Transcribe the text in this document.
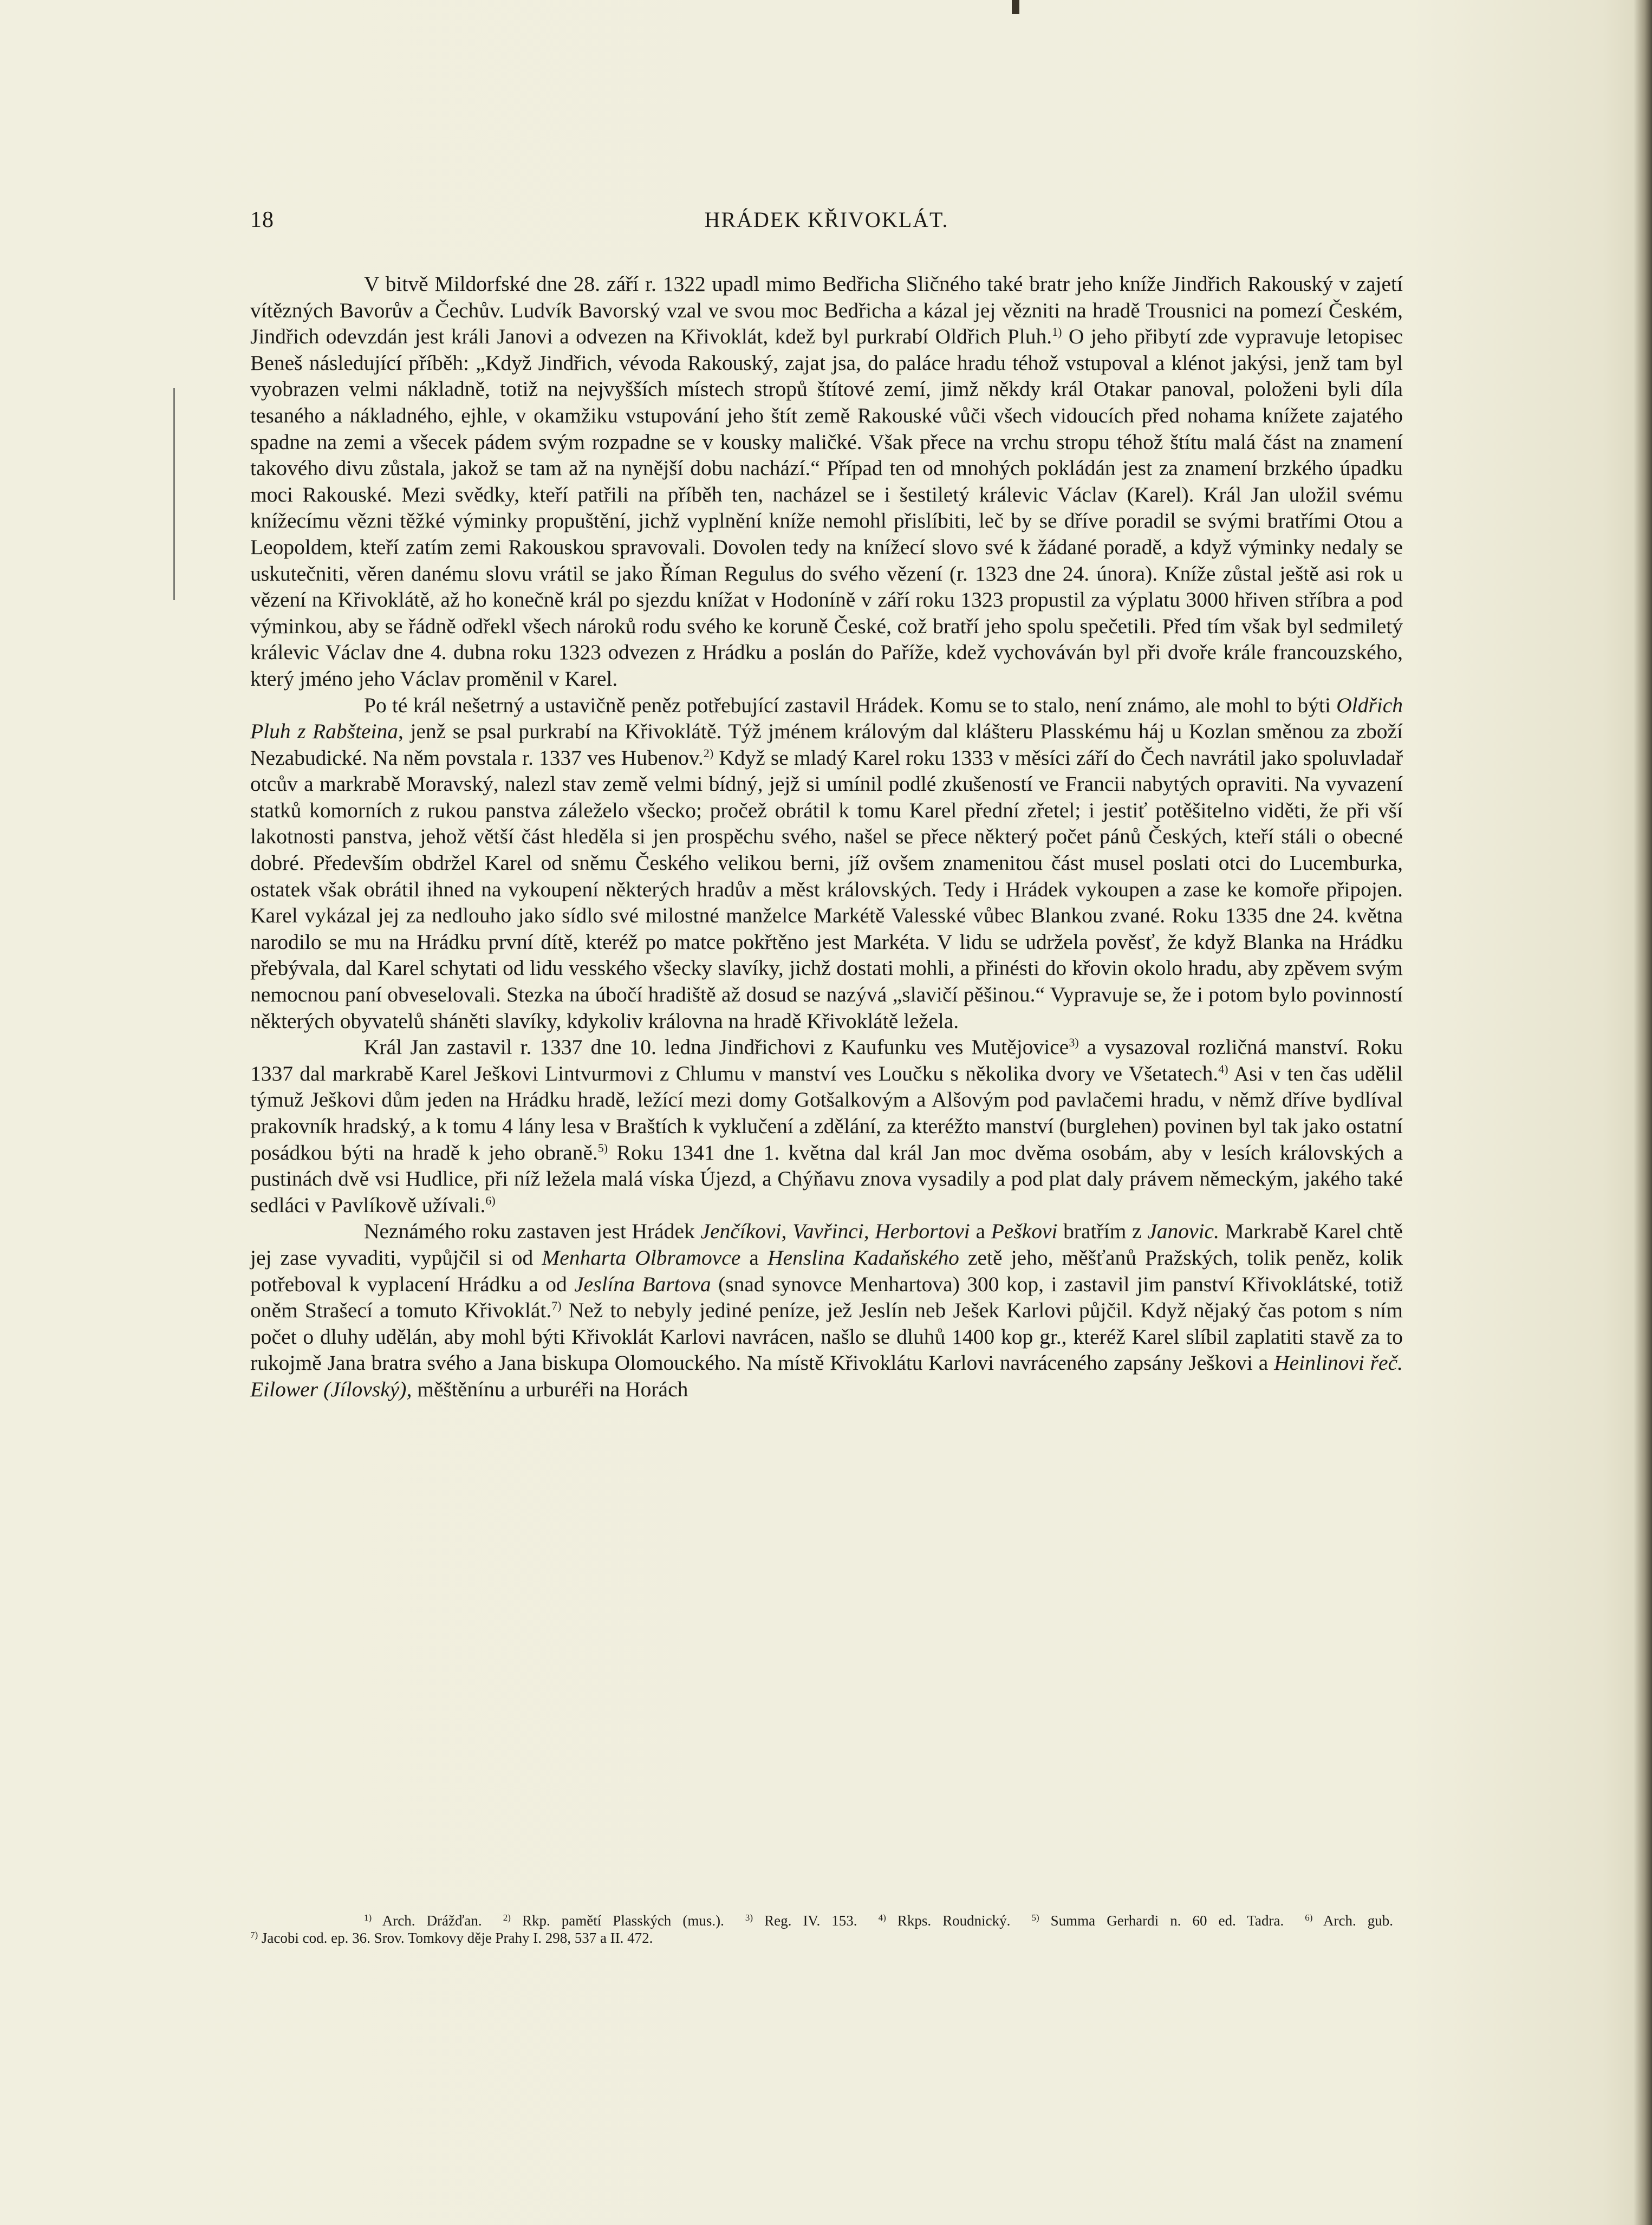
18	HRÁDEK KŘIVOKLÁT.

V bitvě Mildorfské dne 28. září r. 1322 upadl mimo Bedřicha Sličného také bratr jeho kníže Jindřich Rakouský v zajetí vítězných Bavorův a Čechův. Ludvík Bavorský vzal ve svou moc Bedřicha a kázal jej vězniti na hradě Trousnici na pomezí Českém, Jindřich odevzdán jest králi Janovi a odvezen na Křivoklát, kdež byl purkrabí Oldřich Pluh.$^{1)}$ O jeho přibytí zde vypravuje letopisec Beneš následující příběh: „Když Jindřich, vévoda Rakouský, zajat jsa, do paláce hradu téhož vstupoval a klénot jakýsi, jenž tam byl vyobrazen velmi nákladně, totiž na nejvyšších místech stropů štítové zemí, jimž někdy král Otakar panoval, položeni byli díla tesaného a nákladného, ejhle, v okamžiku vstupování jeho štít země Rakouské vůči všech vidoucích před nohama knížete zajatého spadne na zemi a všecek pádem svým rozpadne se v kousky maličké. Však přece na vrchu stropu téhož štítu malá část na znamení takového divu zůstala, jakož se tam až na nynější dobu nachází.“ Případ ten od mnohých pokládán jest za znamení brzkého úpadku moci Rakouské. Mezi svědky, kteří patřili na příběh ten, nacházel se i šestiletý králevic Václav (Karel). Král Jan uložil svému knížecímu vězni těžké výminky propuštění, jichž vyplnění kníže nemohl přislíbiti, leč by se dříve poradil se svými bratřími Otou a Leopoldem, kteří zatím zemi Rakouskou spravovali. Dovolen tedy na knížecí slovo své k žádané poradě, a když výminky nedaly se uskutečniti, věren danému slovu vrátil se jako Říman Regulus do svého vězení (r. 1323 dne 24. února). Kníže zůstal ještě asi rok u vězení na Křivoklátě, až ho konečně král po sjezdu knížat v Hodoníně v září roku 1323 propustil za výplatu 3000 hřiven stříbra a pod výminkou, aby se řádně odřekl všech nároků rodu svého ke koruně České, což bratří jeho spolu spečetili. Před tím však byl sedmiletý králevic Václav dne 4. dubna roku 1323 odvezen z Hrádku a poslán do Paříže, kdež vychováván byl při dvoře krále francouzského, který jméno jeho Václav proměnil v Karel.

Po té král nešetrný a ustavičně peněz potřebující zastavil Hrádek. Komu se to stalo, není známo, ale mohl to býti Oldřich Pluh z Rabšteina, jenž se psal purkrabí na Křivoklátě. Týž jménem královým dal klášteru Plasskému háj u Kozlan směnou za zboží Nezabudické. Na něm povstala r. 1337 ves Hubenov.$^{2)}$ Když se mladý Karel roku 1333 v měsíci září do Čech navrátil jako spoluvladař otcův a markrabě Moravský, nalezl stav země velmi bídný, jejž si umínil podlé zkušeností ve Francii nabytých opraviti. Na vyvazení statků komorních z rukou panstva záleželo všecko; pročež obrátil k tomu Karel přední zřetel; i jestiť potěšitelno viděti, že při vší lakotnosti panstva, jehož větší část hleděla si jen prospěchu svého, našel se přece některý počet pánů Českých, kteří stáli o obecné dobré. Především obdržel Karel od sněmu Českého velikou berni, jíž ovšem znamenitou část musel poslati otci do Lucemburka, ostatek však obrátil ihned na vykoupení některých hradův a měst královských. Tedy i Hrádek vykoupen a zase ke komoře připojen. Karel vykázal jej za nedlouho jako sídlo své milostné manželce Markétě Valesské vůbec Blankou zvané. Roku 1335 dne 24. května narodilo se mu na Hrádku první dítě, kteréž po matce pokřtěno jest Markéta. V lidu se udržela pověsť, že když Blanka na Hrádku přebývala, dal Karel schytati od lidu vesského všecky slavíky, jichž dostati mohli, a přinésti do křovin okolo hradu, aby zpěvem svým nemocnou paní obveselovali. Stezka na úbočí hradiště až dosud se nazývá „slavičí pěšinou.“ Vypravuje se, že i potom bylo povinností některých obyvatelů sháněti slavíky, kdykoliv královna na hradě Křivoklátě ležela.

Král Jan zastavil r. 1337 dne 10. ledna Jindřichovi z Kaufunku ves Mutějovice$^{3)}$ a vysazoval rozličná manství. Roku 1337 dal markrabě Karel Ješkovi Lintvurmovi z Chlumu v manství ves Loučku s několika dvory ve Všetatech.$^{4)}$ Asi v ten čas udělil týmuž Ješkovi dům jeden na Hrádku hradě, ležící mezi domy Gotšalkovým a Alšovým pod pavlačemi hradu, v němž dříve bydlíval prakovník hradský, a k tomu 4 lány lesa v Braštích k vyklučení a zdělání, za kteréžto manství (burglehen) povinen byl tak jako ostatní posádkou býti na hradě k jeho obraně.$^{5)}$ Roku 1341 dne 1. května dal král Jan moc dvěma osobám, aby v lesích královských a pustinách dvě vsi Hudlice, při níž ležela malá víska Újezd, a Chýňavu znova vysadily a pod plat daly právem německým, jakého také sedláci v Pavlíkově užívali.$^{6)}$

Neznámého roku zastaven jest Hrádek Jenčíkovi, Vavřinci, Herbortovi a Peškovi bratřím z Janovic. Markrabě Karel chtě jej zase vyvaditi, vypůjčil si od Menharta Olbramovce a Henslina Kadaňského zetě jeho, měšťanů Pražských, tolik peněz, kolik potřeboval k vyplacení Hrádku a od Jeslína Bartova (snad synovce Menhartova) 300 kop, i zastavil jim panství Křivoklátské, totiž oněm Strašecí a tomuto Křivoklát.$^{7)}$ Než to nebyly jediné peníze, jež Jeslín neb Ješek Karlovi půjčil. Když nějaký čas potom s ním počet o dluhy udělán, aby mohl býti Křivoklát Karlovi navrácen, našlo se dluhů 1400 kop gr., kteréž Karel slíbil zaplatiti stavě za to rukojmě Jana bratra svého a Jana biskupa Olomouckého. Na místě Křivoklátu Karlovi navráceného zapsány Ješkovi a Heinlinovi řeč. Eilower (Jílovský), měštěnínu a urburéři na Horách

$^{1)}$ Arch. Drážďan. $^{2)}$ Rkp. pamětí Plasských (mus.). $^{3)}$ Reg. IV. 153. $^{4)}$ Rkps. Roudnický. $^{5)}$ Summa Gerhardi n. 60 ed. Tadra. $^{6)}$ Arch. gub. $^{7)}$ Jacobi cod. ep. 36. Srov. Tomkovy děje Prahy I. 298, 537 a II. 472.
